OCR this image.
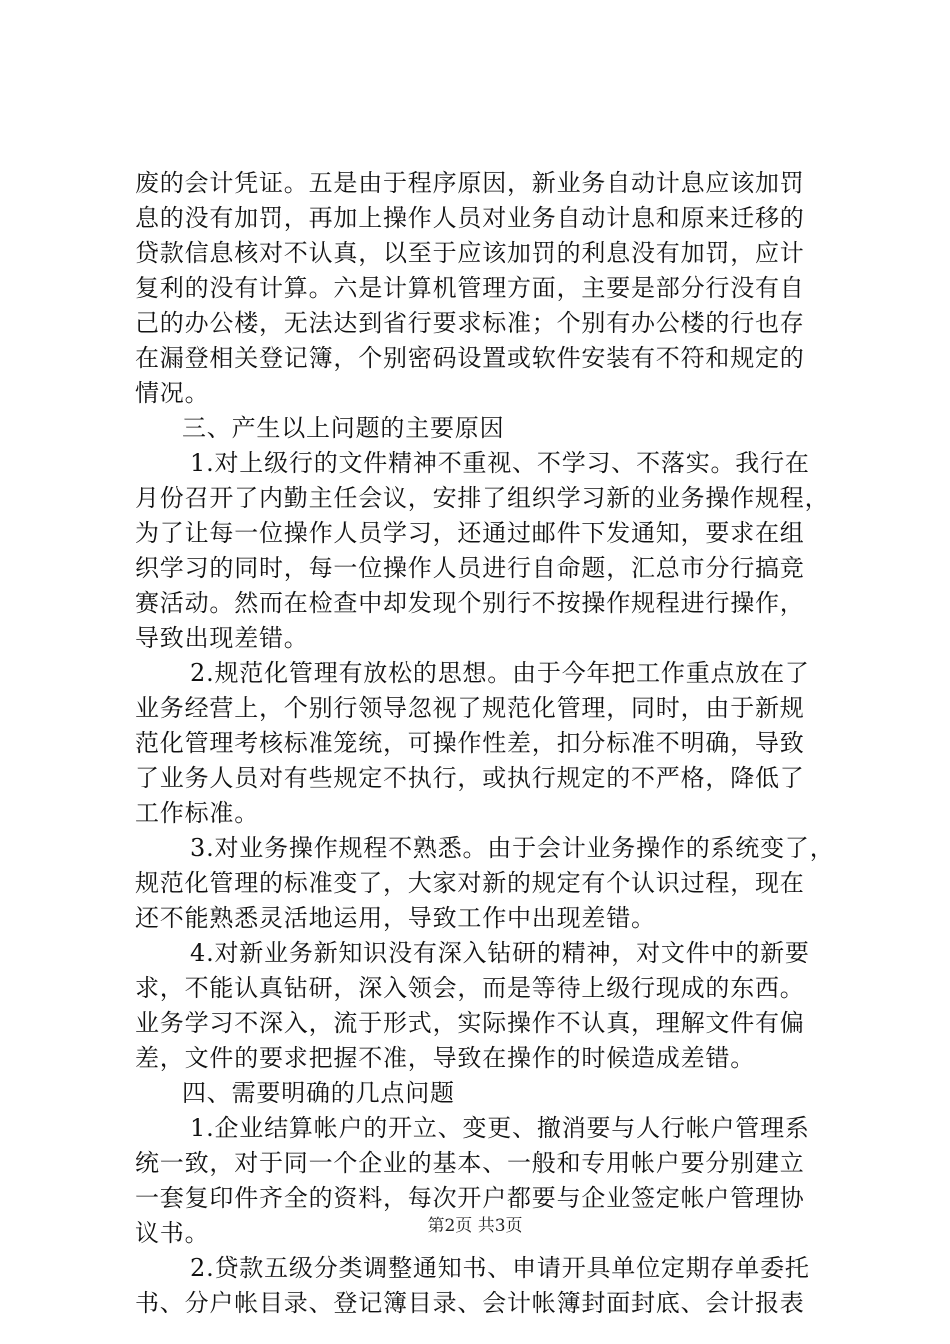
废的会计凭证。五是由于程序原因，新业务自动计息应该加罚
息的没有加罚，再加上操作人员对业务自动计息和原来迁移的
贷款信息核对不认真，以至于应该加罚的利息没有加罚，应计
复利的没有计算。六是计算机管理方面，主要是部分行没有自
己的办公楼，无法达到省行要求标准；个别有办公楼的行也存
在漏登相关登记簿，个别密码设置或软件安装有不符和规定的
情况。
三、产生以上问题的主要原因
1.对上级行的文件精神不重视、不学习、不落实。我行在
月份召开了内勤主任会议，安排了组织学习新的业务操作规程，
为了让每一位操作人员学习，还通过邮件下发通知，要求在组
织学习的同时，每一位操作人员进行自命题，汇总市分行搞竞
赛活动。然而在检查中却发现个别行不按操作规程进行操作，
导致出现差错。
2.规范化管理有放松的思想。由于今年把工作重点放在了
业务经营上，个别行领导忽视了规范化管理，同时，由于新规
范化管理考核标准笼统，可操作性差，扣分标准不明确，导致
了业务人员对有些规定不执行，或执行规定的不严格，降低了
工作标准。
3.对业务操作规程不熟悉。由于会计业务操作的系统变了，
规范化管理的标准变了，大家对新的规定有个认识过程，现在
还不能熟悉灵活地运用，导致工作中出现差错。
4.对新业务新知识没有深入钻研的精神，对文件中的新要
求，不能认真钻研，深入领会，而是等待上级行现成的东西。
业务学习不深入，流于形式，实际操作不认真，理解文件有偏
差，文件的要求把握不准，导致在操作的时候造成差错。
四、需要明确的几点问题
1.企业结算帐户的开立、变更、撤消要与人行帐户管理系
统一致，对于同一个企业的基本、一般和专用帐户要分别建立
一套复印件齐全的资料，每次开户都要与企业签定帐户管理协
议书。
2.贷款五级分类调整通知书、申请开具单位定期存单委托
书、分户帐目录、登记簿目录、会计帐簿封面封底、会计报表
第2页 共3页
